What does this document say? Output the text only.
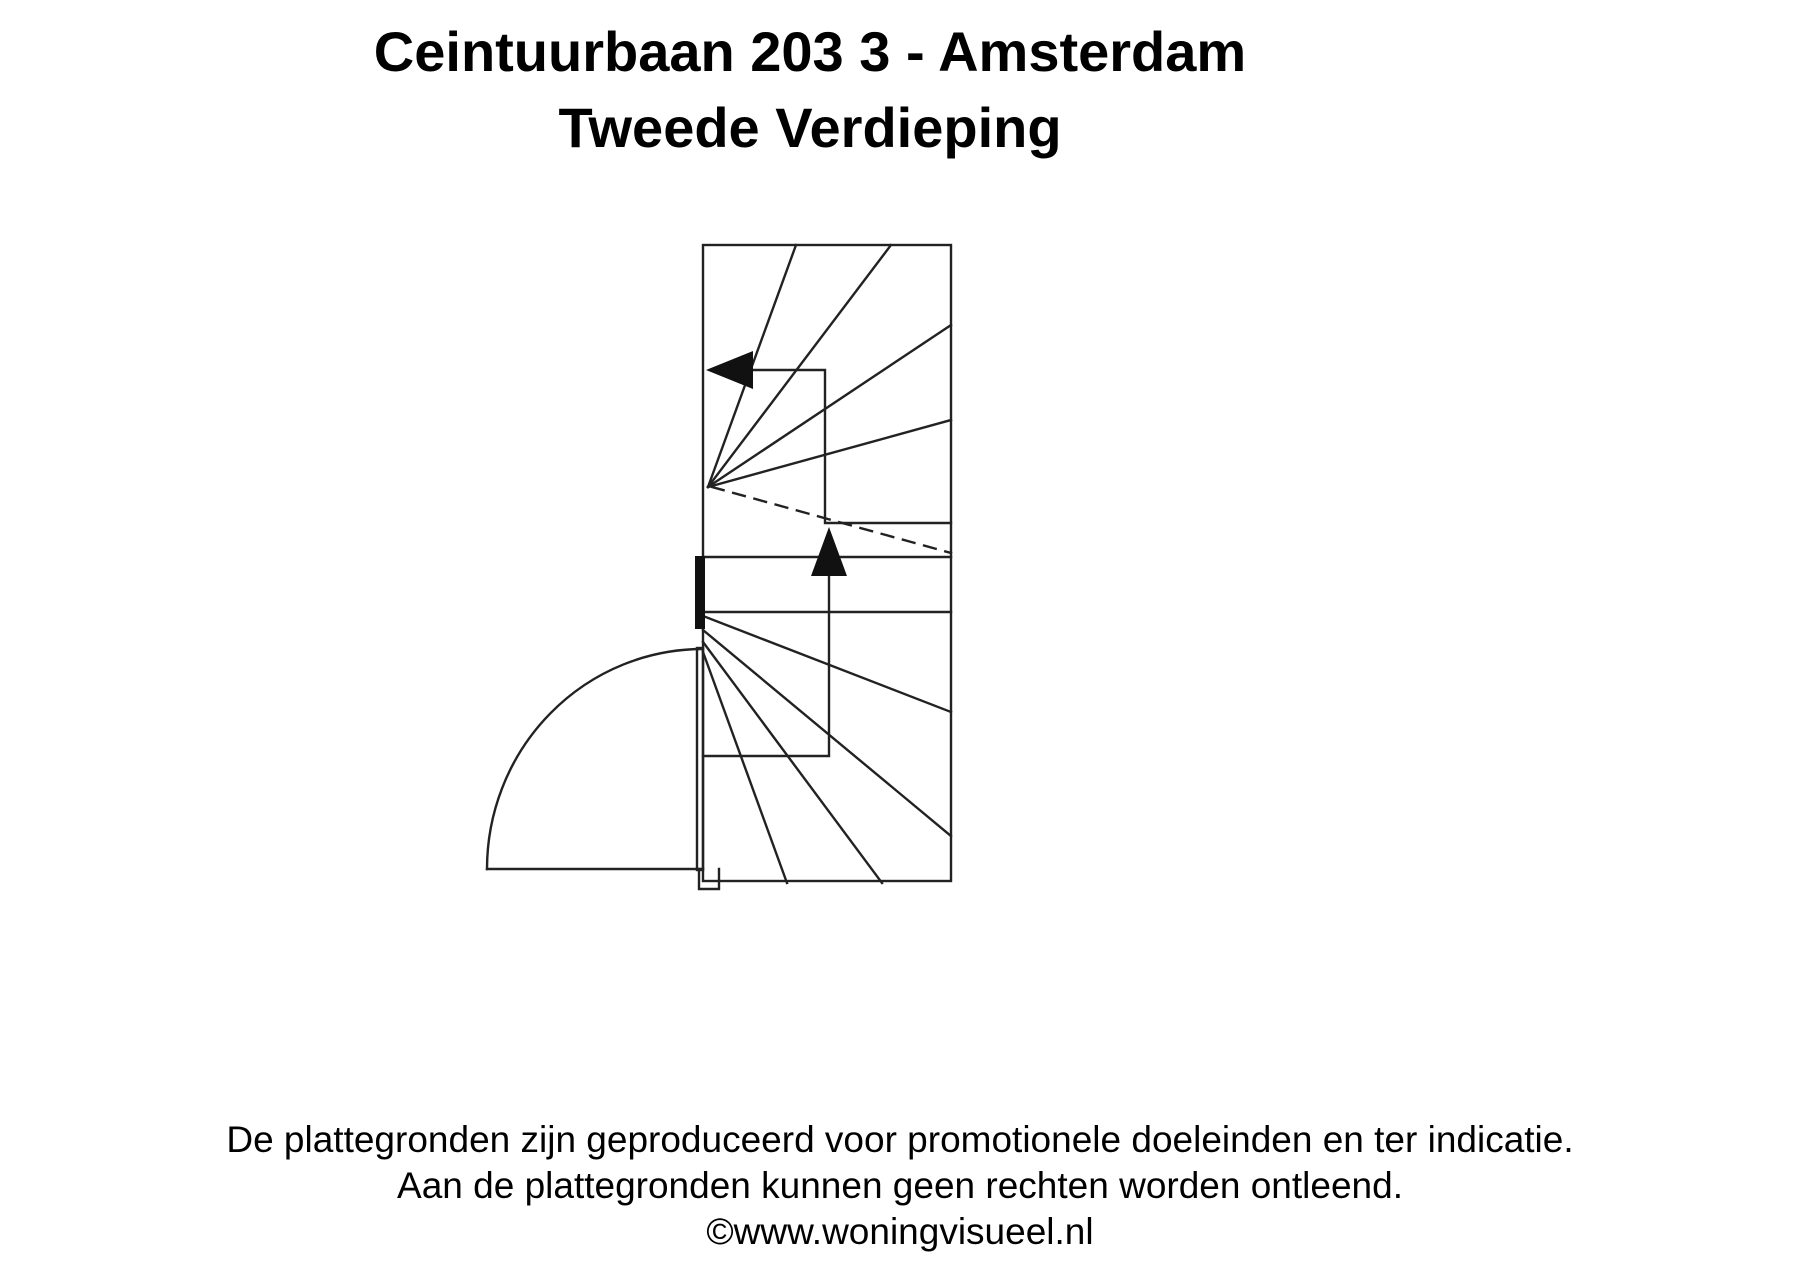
Ceintuurbaan 203 3 - Amsterdam
Tweede Verdieping
De plattegronden zijn geproduceerd voor promotionele doeleinden en ter indicatie.
Aan de plattegronden kunnen geen rechten worden ontleend.
©www.woningvisueel.nl
